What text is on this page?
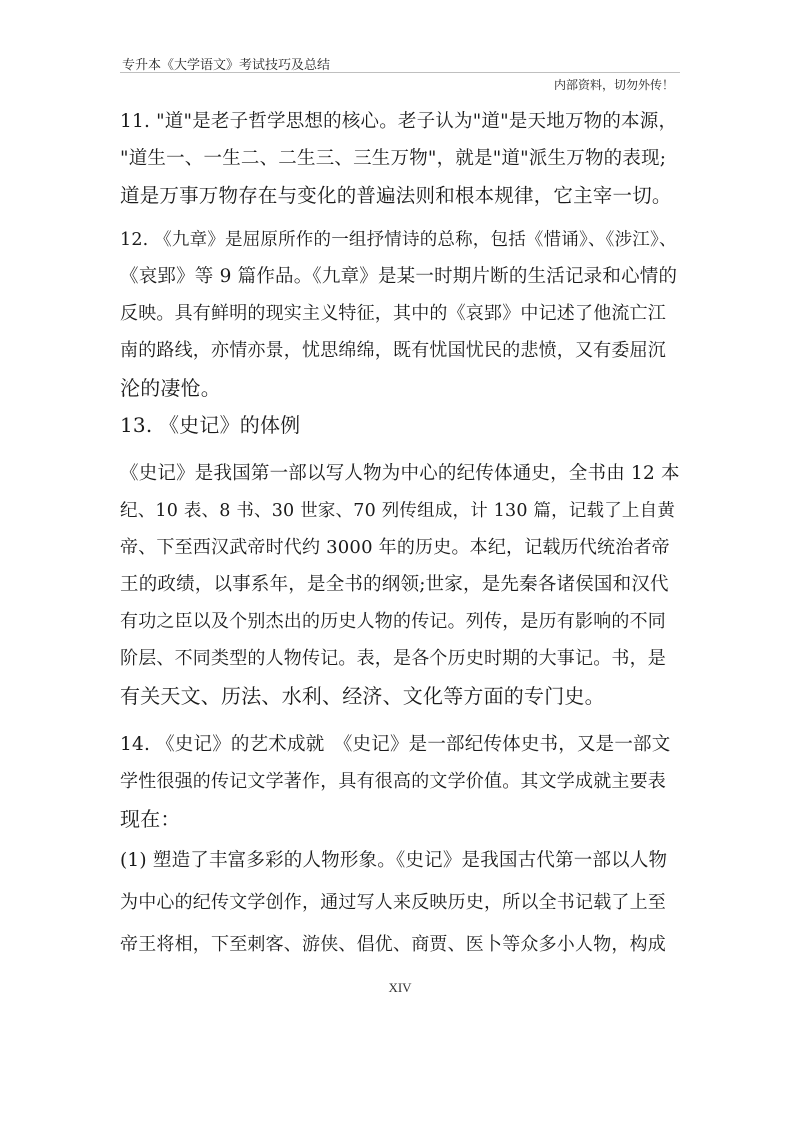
专升本《大学语文》考试技巧及总结
内部资料，切勿外传！
11. "道"是老子哲学思想的核心。老子认为"道"是天地万物的本源，
"道生一、一生二、二生三、三生万物"，就是"道"派生万物的表现;
道是万事万物存在与变化的普遍法则和根本规律，它主宰一切。
12. 《九章》是屈原所作的一组抒情诗的总称，包括《惜诵》、《涉江》、
《哀郢》等 9 篇作品。《九章》是某一时期片断的生活记录和心情的
反映。具有鲜明的现实主义特征，其中的《哀郢》中记述了他流亡江
南的路线，亦情亦景，忧思绵绵，既有忧国忧民的悲愤，又有委屈沉
沦的凄怆。
13. 《史记》的体例
《史记》是我国第一部以写人物为中心的纪传体通史，全书由 12 本
纪、10 表、8 书、30 世家、70 列传组成，计 130 篇，记载了上自黄
帝、下至西汉武帝时代约 3000 年的历史。本纪，记载历代统治者帝
王的政绩，以事系年，是全书的纲领;世家，是先秦各诸侯国和汉代
有功之臣以及个别杰出的历史人物的传记。列传，是历有影响的不同
阶层、不同类型的人物传记。表，是各个历史时期的大事记。书，是
有关天文、历法、水利、经济、文化等方面的专门史。
14. 《史记》的艺术成就　《史记》是一部纪传体史书，又是一部文
学性很强的传记文学著作，具有很高的文学价值。其文学成就主要表
现在：
(1) 塑造了丰富多彩的人物形象。《史记》是我国古代第一部以人物
为中心的纪传文学创作，通过写人来反映历史，所以全书记载了上至
帝王将相，下至刺客、游侠、倡优、商贾、医卜等众多小人物，构成
XIV
